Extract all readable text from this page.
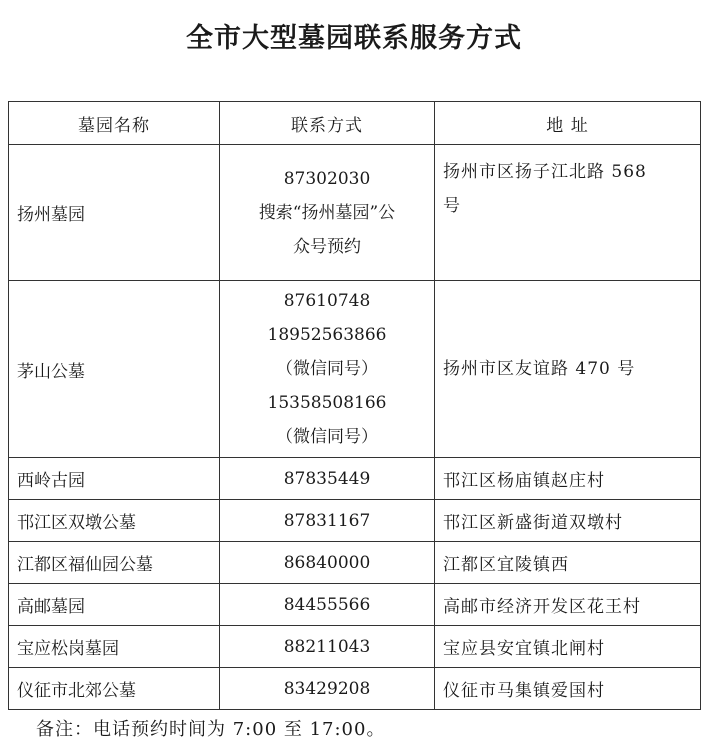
全市大型墓园联系服务方式
墓园名称	联系方式	地 址
扬州墓园	87302030
搜索“扬州墓园”公
众号预约	扬州市区扬子江北路 568
号

茅山公墓	87610748
18952563866
（微信同号）
15358508166
（微信同号）	扬州市区友谊路 470 号

西岭古园	87835449	邗江区杨庙镇赵庄村
邗江区双墩公墓	87831167	邗江区新盛街道双墩村
江都区福仙园公墓	86840000	江都区宜陵镇西
高邮墓园	84455566	高邮市经济开发区花王村
宝应松岗墓园	88211043	宝应县安宜镇北闸村
仪征市北郊公墓	83429208	仪征市马集镇爱国村
备注：电话预约时间为 7:00 至 17:00。
